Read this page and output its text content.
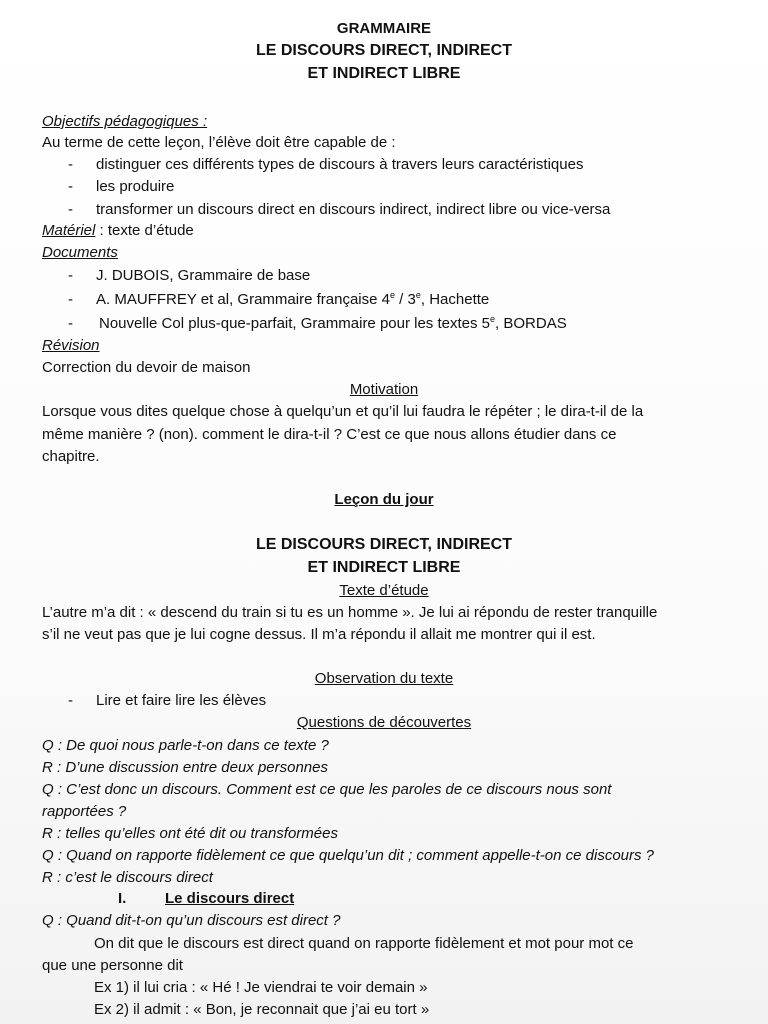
GRAMMAIRE
LE DISCOURS DIRECT, INDIRECT
ET INDIRECT LIBRE
Objectifs pédagogiques :
Au terme de cette leçon, l’élève doit être capable de :
- distinguer ces différents types de discours à travers leurs caractéristiques
- les produire
- transformer un discours direct en discours indirect, indirect libre ou vice-versa
Matériel : texte d’étude
Documents
- J. DUBOIS, Grammaire de base
- A. MAUFFREY et al, Grammaire française 4e / 3e, Hachette
- Nouvelle Col plus-que-parfait, Grammaire pour les textes 5e, BORDAS
Révision
Correction du devoir de maison
Motivation
Lorsque vous dites quelque chose à quelqu’un et qu’il lui faudra le répéter ; le dira-t-il de la
même manière ? (non). comment le dira-t-il ? C’est ce que nous allons étudier dans ce
chapitre.
Leçon du jour
LE DISCOURS DIRECT, INDIRECT
ET INDIRECT LIBRE
Texte d’étude
L’autre m’a dit : « descend du train si tu es un homme ». Je lui ai répondu de rester tranquille
s’il ne veut pas que je lui cogne dessus. Il m’a répondu il allait me montrer qui il est.
Observation du texte
- Lire et faire lire les élèves
Questions de découvertes
Q : De quoi nous parle-t-on dans ce texte ?
R : D’une discussion entre deux personnes
Q : C’est donc un discours. Comment est ce que les paroles de ce discours nous sont
rapportées ?
R : telles qu’elles ont été dit ou transformées
Q : Quand on rapporte fidèlement ce que quelqu’un dit ; comment appelle-t-on ce discours ?
R : c’est le discours direct
I.	Le discours direct
Q : Quand dit-t-on qu’un discours est direct ?
On dit que le discours est direct quand on rapporte fidèlement et mot pour mot ce
que une personne dit
Ex 1) il lui cria : « Hé ! Je viendrai te voir demain »
Ex 2) il admit : « Bon, je reconnait que j’ai eu tort »
